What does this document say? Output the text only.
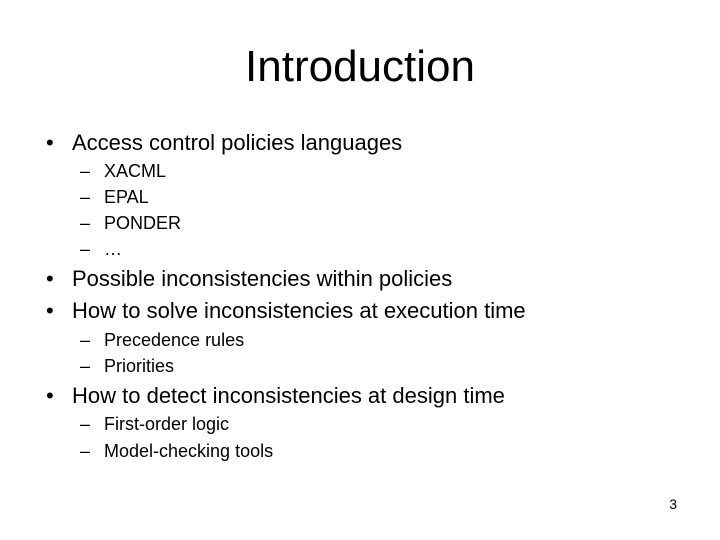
Introduction
• Access control policies languages
– XACML
– EPAL
– PONDER
– …
• Possible inconsistencies within policies
• How to solve inconsistencies at execution time
– Precedence rules
– Priorities
• How to detect inconsistencies at design time
– First-order logic
– Model-checking tools
3
